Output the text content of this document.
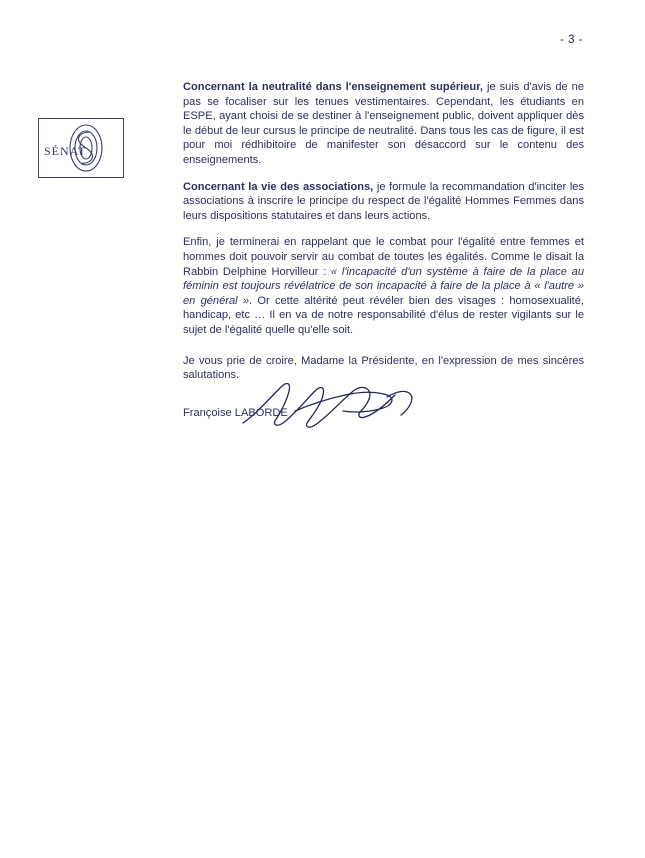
- 3 -
SÉNAT

Concernant la neutralité dans l'enseignement supérieur, je suis d'avis de ne pas se focaliser sur les tenues vestimentaires. Cependant, les étudiants en ESPE, ayant choisi de se destiner à l'enseignement public, doivent appliquer dès le début de leur cursus le principe de neutralité. Dans tous les cas de figure, il est pour moi rédhibitoire de manifester son désaccord sur le contenu des enseignements.

Concernant la vie des associations, je formule la recommandation d'inciter les associations à inscrire le principe du respect de l'égalité Hommes Femmes dans leurs dispositions statutaires et dans leurs actions.

Enfin, je terminerai en rappelant que le combat pour l'égalité entre femmes et hommes doit pouvoir servir au combat de toutes les égalités. Comme le disait la Rabbin Delphine Horvilleur : « l'incapacité d'un système à faire de la place au féminin est toujours révélatrice de son incapacité à faire de la place à « l'autre » en général ». Or cette altérité peut révéler bien des visages : homosexualité, handicap, etc … Il en va de notre responsabilité d'élus de rester vigilants sur le sujet de l'égalité quelle qu'elle soit.

Je vous prie de croire, Madame la Présidente, en l'expression de mes sincères salutations.

Françoise LABORDE
